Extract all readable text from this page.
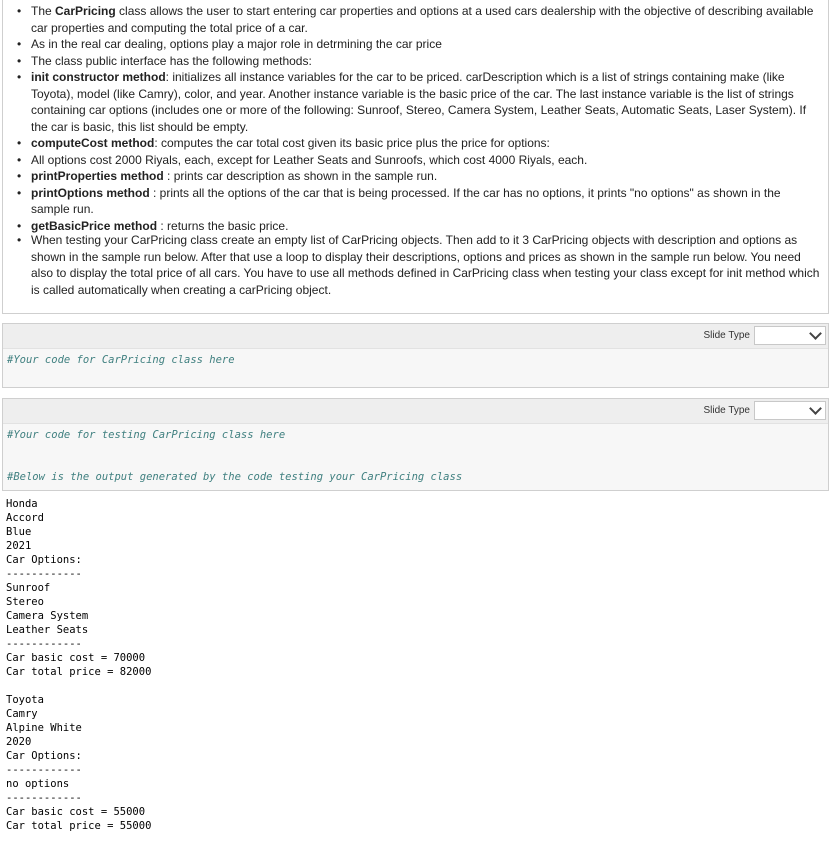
• The CarPricing class allows the user to start entering car properties and options at a used cars dealership with the objective of describing available car properties and computing the total price of a car.
• As in the real car dealing, options play a major role in detrmining the car price
• The class public interface has the following methods:
• init constructor method: initializes all instance variables for the car to be priced. carDescription which is a list of strings containing make (like Toyota), model (like Camry), color, and year. Another instance variable is the basic price of the car. The last instance variable is the list of strings containing car options (includes one or more of the following: Sunroof, Stereo, Camera System, Leather Seats, Automatic Seats, Laser System). If the car is basic, this list should be empty.
• computeCost method: computes the car total cost given its basic price plus the price for options:
• All options cost 2000 Riyals, each, except for Leather Seats and Sunroofs, which cost 4000 Riyals, each.
• printProperties method : prints car description as shown in the sample run.
• printOptions method : prints all the options of the car that is being processed. If the car has no options, it prints "no options" as shown in the sample run.
• getBasicPrice method : returns the basic price.
• When testing your CarPricing class create an empty list of CarPricing objects. Then add to it 3 CarPricing objects with description and options as shown in the sample run below. After that use a loop to display their descriptions, options and prices as shown in the sample run below. You need also to display the total price of all cars. You have to use all methods defined in CarPricing class when testing your class except for init method which is called automatically when creating a carPricing object.
Slide Type
#Your code for CarPricing class here
Slide Type
#Your code for testing CarPricing class here
#Below is the output generated by the code testing your CarPricing class
Honda
Accord
Blue
2021
Car Options:
------------
Sunroof
Stereo
Camera System
Leather Seats
------------
Car basic cost = 70000
Car total price = 82000
Toyota
Camry
Alpine White
2020
Car Options:
------------
no options
------------
Car basic cost = 55000
Car total price = 55000
